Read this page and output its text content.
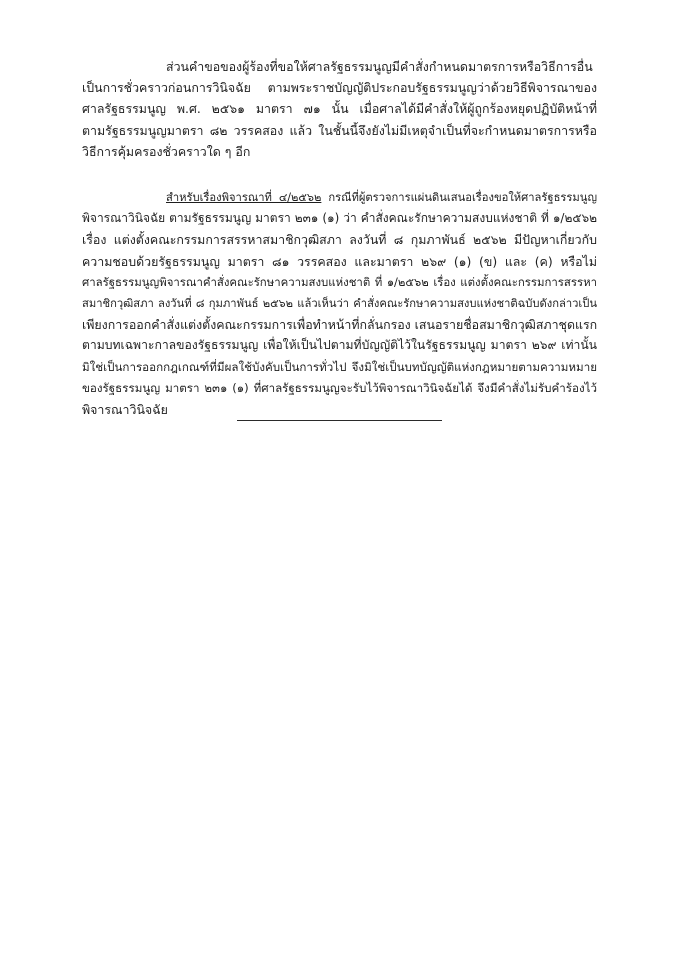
ส่วนคำขอของผู้ร้องที่ขอให้ศาลรัฐธรรมนูญมีคำสั่งกำหนดมาตรการหรือวิธีการอื่น
เป็นการชั่วคราวก่อนการวินิจฉัย ตามพระราชบัญญัติประกอบรัฐธรรมนูญว่าด้วยวิธีพิจารณาของ
ศาลรัฐธรรมนูญ พ.ศ. ๒๕๖๑ มาตรา ๗๑ นั้น เมื่อศาลได้มีคำสั่งให้ผู้ถูกร้องหยุดปฏิบัติหน้าที่
ตามรัฐธรรมนูญมาตรา ๘๒ วรรคสอง แล้ว ในชั้นนี้จึงยังไม่มีเหตุจำเป็นที่จะกำหนดมาตรการหรือ
วิธีการคุ้มครองชั่วคราวใด ๆ อีก

สำหรับเรื่องพิจารณาที่ ๔/๒๕๖๒ กรณีที่ผู้ตรวจการแผ่นดินเสนอเรื่องขอให้ศาลรัฐธรรมนูญ
พิจารณาวินิจฉัย ตามรัฐธรรมนูญ มาตรา ๒๓๑ (๑) ว่า คำสั่งคณะรักษาความสงบแห่งชาติ ที่ ๑/๒๕๖๒
เรื่อง แต่งตั้งคณะกรรมการสรรหาสมาชิกวุฒิสภา ลงวันที่ ๘ กุมภาพันธ์ ๒๕๖๒ มีปัญหาเกี่ยวกับ
ความชอบด้วยรัฐธรรมนูญ มาตรา ๘๑ วรรคสอง และมาตรา ๒๖๙ (๑) (ข) และ (ค) หรือไม่
ศาลรัฐธรรมนูญพิจารณาคำสั่งคณะรักษาความสงบแห่งชาติ ที่ ๑/๒๕๖๒ เรื่อง แต่งตั้งคณะกรรมการสรรหา
สมาชิกวุฒิสภา ลงวันที่ ๘ กุมภาพันธ์ ๒๕๖๒ แล้วเห็นว่า คำสั่งคณะรักษาความสงบแห่งชาติฉบับดังกล่าวเป็น
เพียงการออกคำสั่งแต่งตั้งคณะกรรมการเพื่อทำหน้าที่กลั่นกรอง เสนอรายชื่อสมาชิกวุฒิสภาชุดแรก
ตามบทเฉพาะกาลของรัฐธรรมนูญ เพื่อให้เป็นไปตามที่บัญญัติไว้ในรัฐธรรมนูญ มาตรา ๒๖๙ เท่านั้น
มิใช่เป็นการออกกฎเกณฑ์ที่มีผลใช้บังคับเป็นการทั่วไป จึงมิใช่เป็นบทบัญญัติแห่งกฎหมายตามความหมาย
ของรัฐธรรมนูญ มาตรา ๒๓๑ (๑) ที่ศาลรัฐธรรมนูญจะรับไว้พิจารณาวินิจฉัยได้ จึงมีคำสั่งไม่รับคำร้องไว้
พิจารณาวินิจฉัย
